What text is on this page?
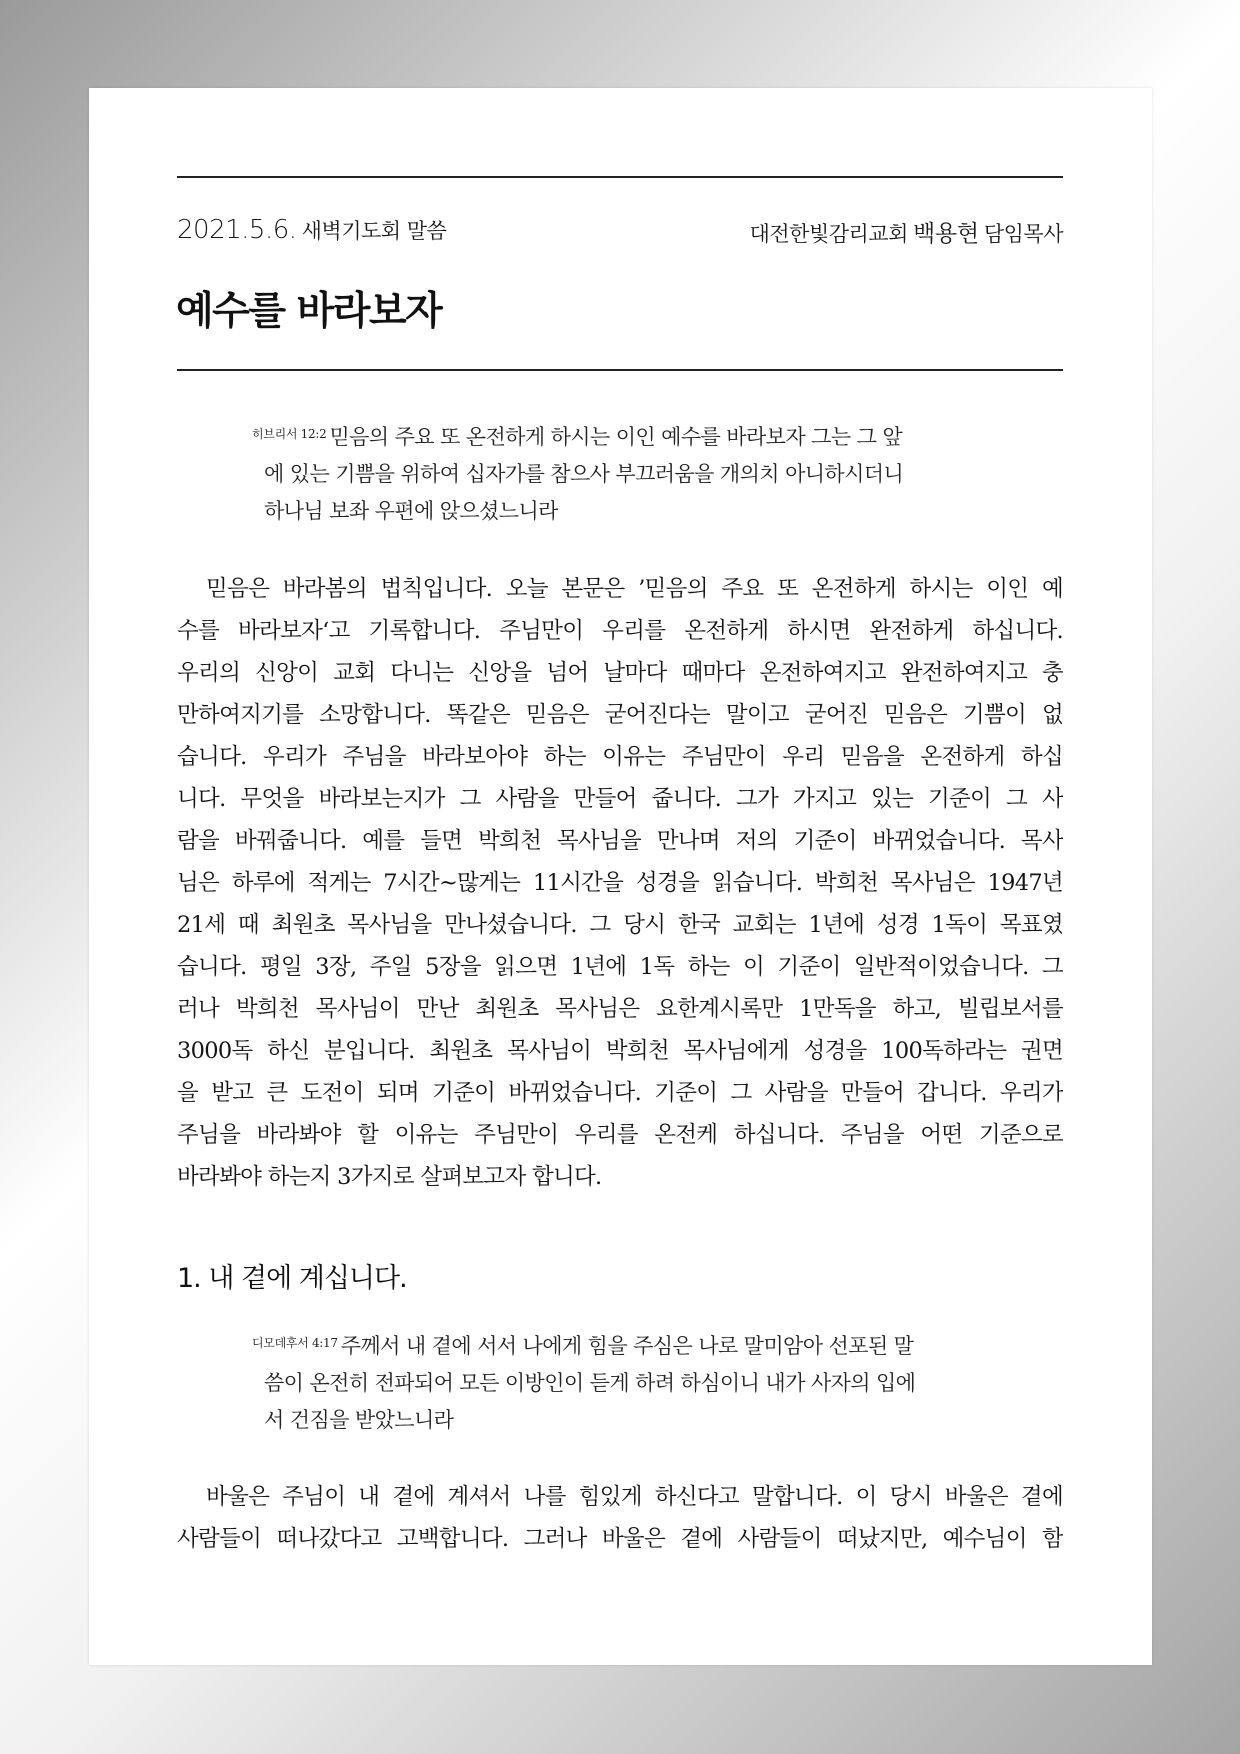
2021.5.6. 새벽기도회 말씀	대전한빛감리교회 백용현 담임목사
예수를 바라보자
$^{히브리서 12:2}$ 믿음의 주요 또 온전하게 하시는 이인 예수를 바라보자 그는 그 앞
에 있는 기쁨을 위하여 십자가를 참으사 부끄러움을 개의치 아니하시더니
하나님 보좌 우편에 앉으셨느니라
믿음은 바라봄의 법칙입니다. 오늘 본문은 ’믿음의 주요 또 온전하게 하시는 이인 예
수를 바라보자‘고 기록합니다. 주님만이 우리를 온전하게 하시면 완전하게 하십니다.
우리의 신앙이 교회 다니는 신앙을 넘어 날마다 때마다 온전하여지고 완전하여지고 충
만하여지기를 소망합니다. 똑같은 믿음은 굳어진다는 말이고 굳어진 믿음은 기쁨이 없
습니다. 우리가 주님을 바라보아야 하는 이유는 주님만이 우리 믿음을 온전하게 하십
니다. 무엇을 바라보는지가 그 사람을 만들어 줍니다. 그가 가지고 있는 기준이 그 사
람을 바꿔줍니다. 예를 들면 박희천 목사님을 만나며 저의 기준이 바뀌었습니다. 목사
님은 하루에 적게는 7시간~많게는 11시간을 성경을 읽습니다. 박희천 목사님은 1947년
21세 때 최원초 목사님을 만나셨습니다. 그 당시 한국 교회는 1년에 성경 1독이 목표였
습니다. 평일 3장, 주일 5장을 읽으면 1년에 1독 하는 이 기준이 일반적이었습니다. 그
러나 박희천 목사님이 만난 최원초 목사님은 요한계시록만 1만독을 하고, 빌립보서를
3000독 하신 분입니다. 최원초 목사님이 박희천 목사님에게 성경을 100독하라는 권면
을 받고 큰 도전이 되며 기준이 바뀌었습니다. 기준이 그 사람을 만들어 갑니다. 우리가
주님을 바라봐야 할 이유는 주님만이 우리를 온전케 하십니다. 주님을 어떤 기준으로
바라봐야 하는지 3가지로 살펴보고자 합니다.
1. 내 곁에 계십니다.
$^{디모데후서 4:17}$ 주께서 내 곁에 서서 나에게 힘을 주심은 나로 말미암아 선포된 말
씀이 온전히 전파되어 모든 이방인이 듣게 하려 하심이니 내가 사자의 입에
서 건짐을 받았느니라
바울은 주님이 내 곁에 계셔서 나를 힘있게 하신다고 말합니다. 이 당시 바울은 곁에
사람들이 떠나갔다고 고백합니다. 그러나 바울은 곁에 사람들이 떠났지만, 예수님이 함
